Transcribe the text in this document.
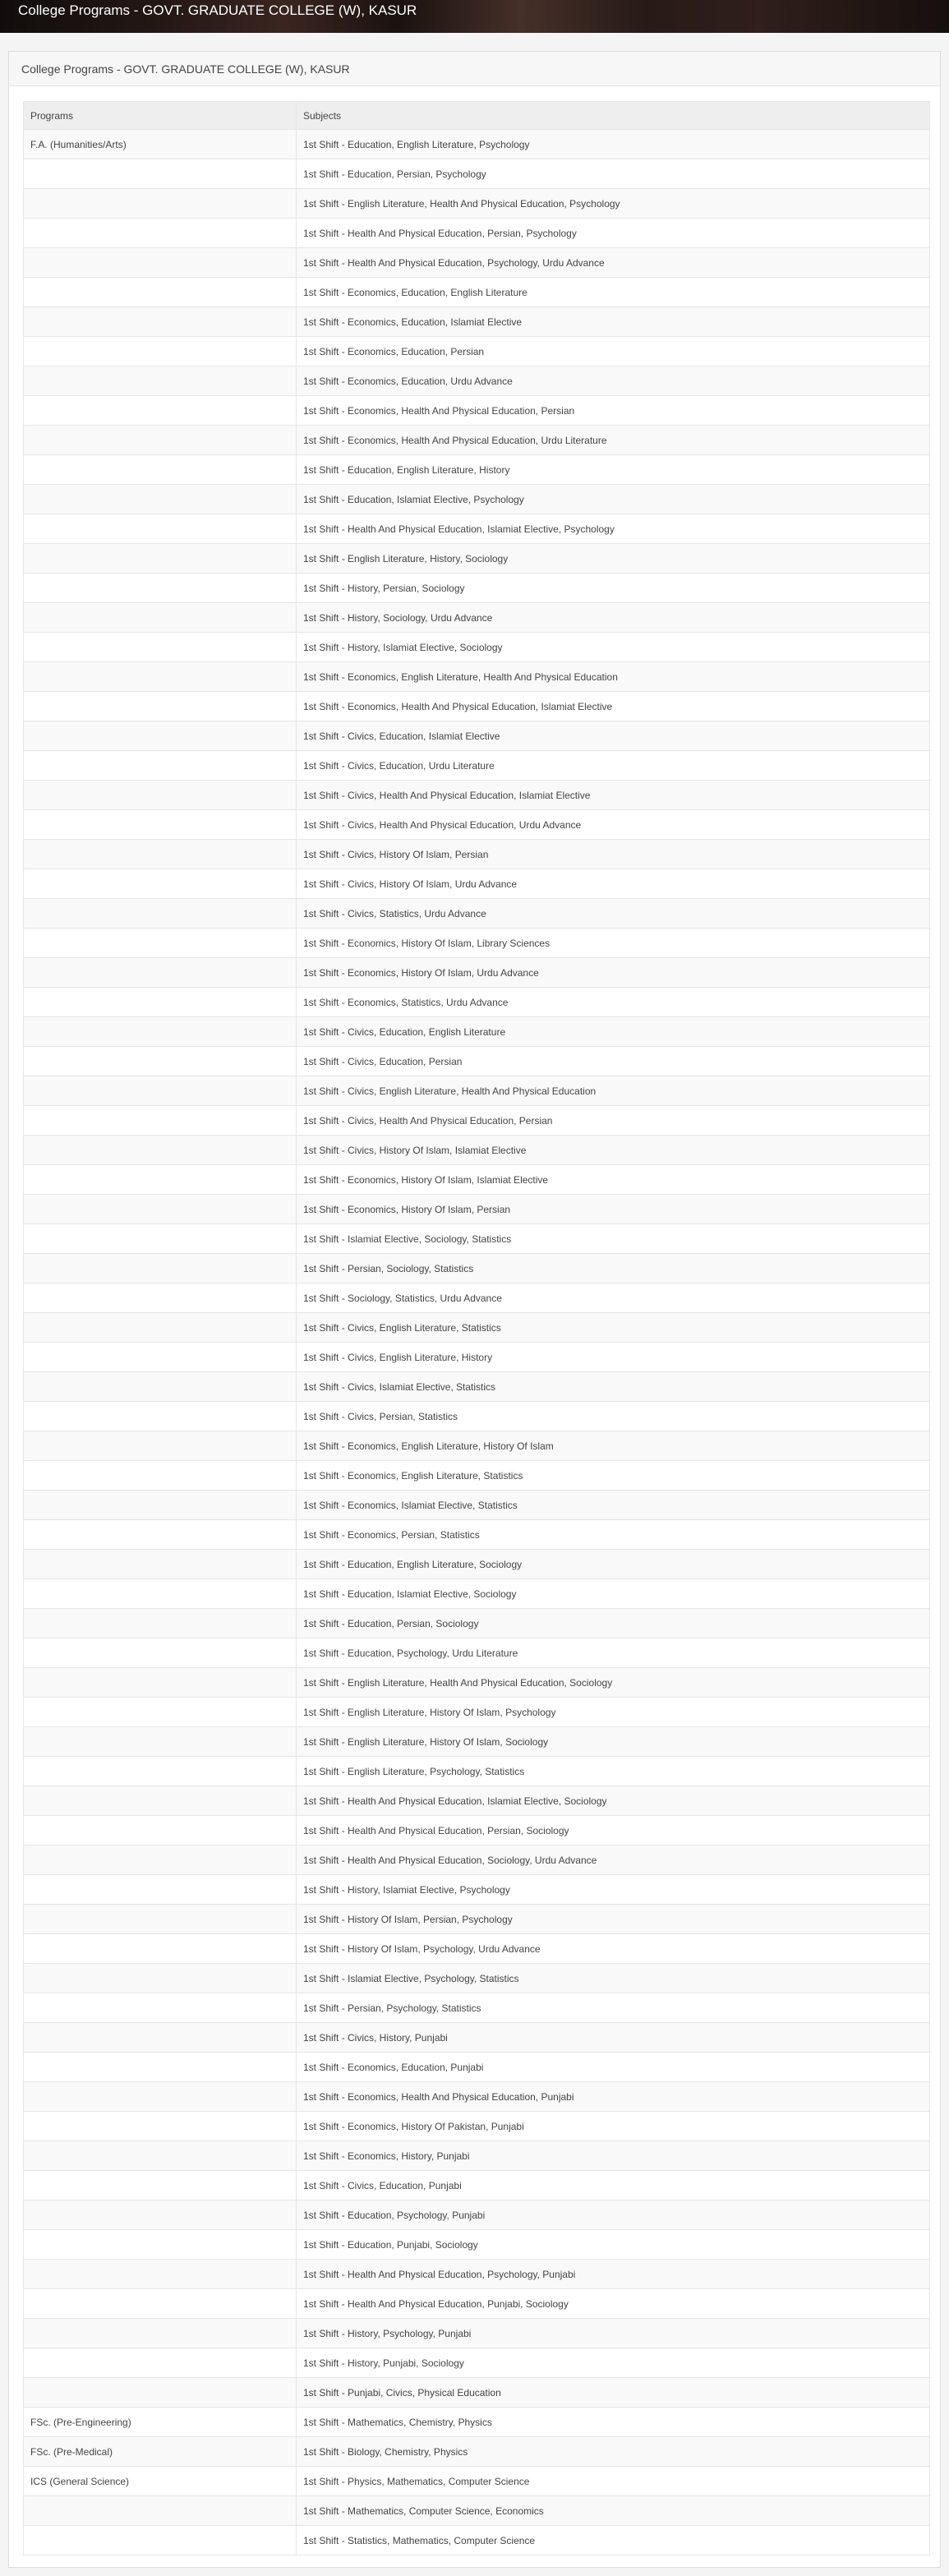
College Programs - GOVT. GRADUATE COLLEGE (W), KASUR
College Programs - GOVT. GRADUATE COLLEGE (W), KASUR
Programs	Subjects
F.A. (Humanities/Arts)	1st Shift - Education, English Literature, Psychology
	1st Shift - Education, Persian, Psychology
	1st Shift - English Literature, Health And Physical Education, Psychology
	1st Shift - Health And Physical Education, Persian, Psychology
	1st Shift - Health And Physical Education, Psychology, Urdu Advance
	1st Shift - Economics, Education, English Literature
	1st Shift - Economics, Education, Islamiat Elective
	1st Shift - Economics, Education, Persian
	1st Shift - Economics, Education, Urdu Advance
	1st Shift - Economics, Health And Physical Education, Persian
	1st Shift - Economics, Health And Physical Education, Urdu Literature
	1st Shift - Education, English Literature, History
	1st Shift - Education, Islamiat Elective, Psychology
	1st Shift - Health And Physical Education, Islamiat Elective, Psychology
	1st Shift - English Literature, History, Sociology
	1st Shift - History, Persian, Sociology
	1st Shift - History, Sociology, Urdu Advance
	1st Shift - History, Islamiat Elective, Sociology
	1st Shift - Economics, English Literature, Health And Physical Education
	1st Shift - Economics, Health And Physical Education, Islamiat Elective
	1st Shift - Civics, Education, Islamiat Elective
	1st Shift - Civics, Education, Urdu Literature
	1st Shift - Civics, Health And Physical Education, Islamiat Elective
	1st Shift - Civics, Health And Physical Education, Urdu Advance
	1st Shift - Civics, History Of Islam, Persian
	1st Shift - Civics, History Of Islam, Urdu Advance
	1st Shift - Civics, Statistics, Urdu Advance
	1st Shift - Economics, History Of Islam, Library Sciences
	1st Shift - Economics, History Of Islam, Urdu Advance
	1st Shift - Economics, Statistics, Urdu Advance
	1st Shift - Civics, Education, English Literature
	1st Shift - Civics, Education, Persian
	1st Shift - Civics, English Literature, Health And Physical Education
	1st Shift - Civics, Health And Physical Education, Persian
	1st Shift - Civics, History Of Islam, Islamiat Elective
	1st Shift - Economics, History Of Islam, Islamiat Elective
	1st Shift - Economics, History Of Islam, Persian
	1st Shift - Islamiat Elective, Sociology, Statistics
	1st Shift - Persian, Sociology, Statistics
	1st Shift - Sociology, Statistics, Urdu Advance
	1st Shift - Civics, English Literature, Statistics
	1st Shift - Civics, English Literature, History
	1st Shift - Civics, Islamiat Elective, Statistics
	1st Shift - Civics, Persian, Statistics
	1st Shift - Economics, English Literature, History Of Islam
	1st Shift - Economics, English Literature, Statistics
	1st Shift - Economics, Islamiat Elective, Statistics
	1st Shift - Economics, Persian, Statistics
	1st Shift - Education, English Literature, Sociology
	1st Shift - Education, Islamiat Elective, Sociology
	1st Shift - Education, Persian, Sociology
	1st Shift - Education, Psychology, Urdu Literature
	1st Shift - English Literature, Health And Physical Education, Sociology
	1st Shift - English Literature, History Of Islam, Psychology
	1st Shift - English Literature, History Of Islam, Sociology
	1st Shift - English Literature, Psychology, Statistics
	1st Shift - Health And Physical Education, Islamiat Elective, Sociology
	1st Shift - Health And Physical Education, Persian, Sociology
	1st Shift - Health And Physical Education, Sociology, Urdu Advance
	1st Shift - History, Islamiat Elective, Psychology
	1st Shift - History Of Islam, Persian, Psychology
	1st Shift - History Of Islam, Psychology, Urdu Advance
	1st Shift - Islamiat Elective, Psychology, Statistics
	1st Shift - Persian, Psychology, Statistics
	1st Shift - Civics, History, Punjabi
	1st Shift - Economics, Education, Punjabi
	1st Shift - Economics, Health And Physical Education, Punjabi
	1st Shift - Economics, History Of Pakistan, Punjabi
	1st Shift - Economics, History, Punjabi
	1st Shift - Civics, Education, Punjabi
	1st Shift - Education, Psychology, Punjabi
	1st Shift - Education, Punjabi, Sociology
	1st Shift - Health And Physical Education, Psychology, Punjabi
	1st Shift - Health And Physical Education, Punjabi, Sociology
	1st Shift - History, Psychology, Punjabi
	1st Shift - History, Punjabi, Sociology
	1st Shift - Punjabi, Civics, Physical Education
FSc. (Pre-Engineering)	1st Shift - Mathematics, Chemistry, Physics
FSc. (Pre-Medical)	1st Shift - Biology, Chemistry, Physics
ICS (General Science)	1st Shift - Physics, Mathematics, Computer Science
	1st Shift - Mathematics, Computer Science, Economics
	1st Shift - Statistics, Mathematics, Computer Science
